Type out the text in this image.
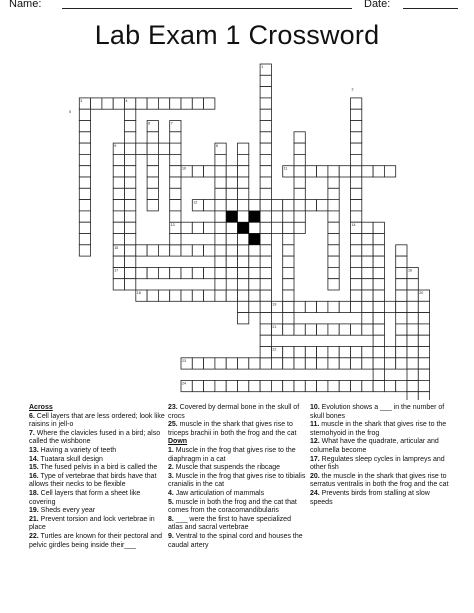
Name:	Date:
Lab Exam 1 Crossword
1
2
3	4
5
6	7
8
9
10	11
12
13	14
15
16
17
18
19
20
21
22
23
24
Across

6. Cell layers that are less ordered; look like raisins in jell-o

7. Where the clavicles fused in a bird; also called the wishbone

13. Having a variety of teeth

14. Tuatara skull design

15. The fused pelvis in a bird is called the

16. Type of vertebrae that birds have that allows their necks to be flexible

18. Cell layers that form a sheet like covering

19. Sheds every year

21. Prevent torsion and lock vertebrae in place

22. Turtles are known for their pectoral and pelvic girdles being inside their___

23. Covered by dermal bone in the skull of crocs

25. muscle in the shark that gives rise to triceps brachii in both the frog and the cat

Down

1. Muscle in the frog that gives rise to the diaphragm in a cat

2. Muscle that suspends the ribcage

3. Muscle in the frog that gives rise to tibialis cranialis in the cat

4. Jaw articulation of mammals

5. muscle in both the frog and the cat that comes from the coracomandibularis

8. ___ were the first to have specialized atlas and sacral vertebrae

9. Ventral to the spinal cord and houses the caudal artery

10. Evolution shows a ___ in the number of skull bones

11. muscle in the shark that gives rise to the sternohyoid in the frog

12. What have the quadrate, articular and columella become

17. Regulates sleep cycles in lampreys and other fish

20. the muscle in the shark that gives rise to serratus ventralis in both the frog and the cat

24. Prevents birds from stalling at slow speeds
